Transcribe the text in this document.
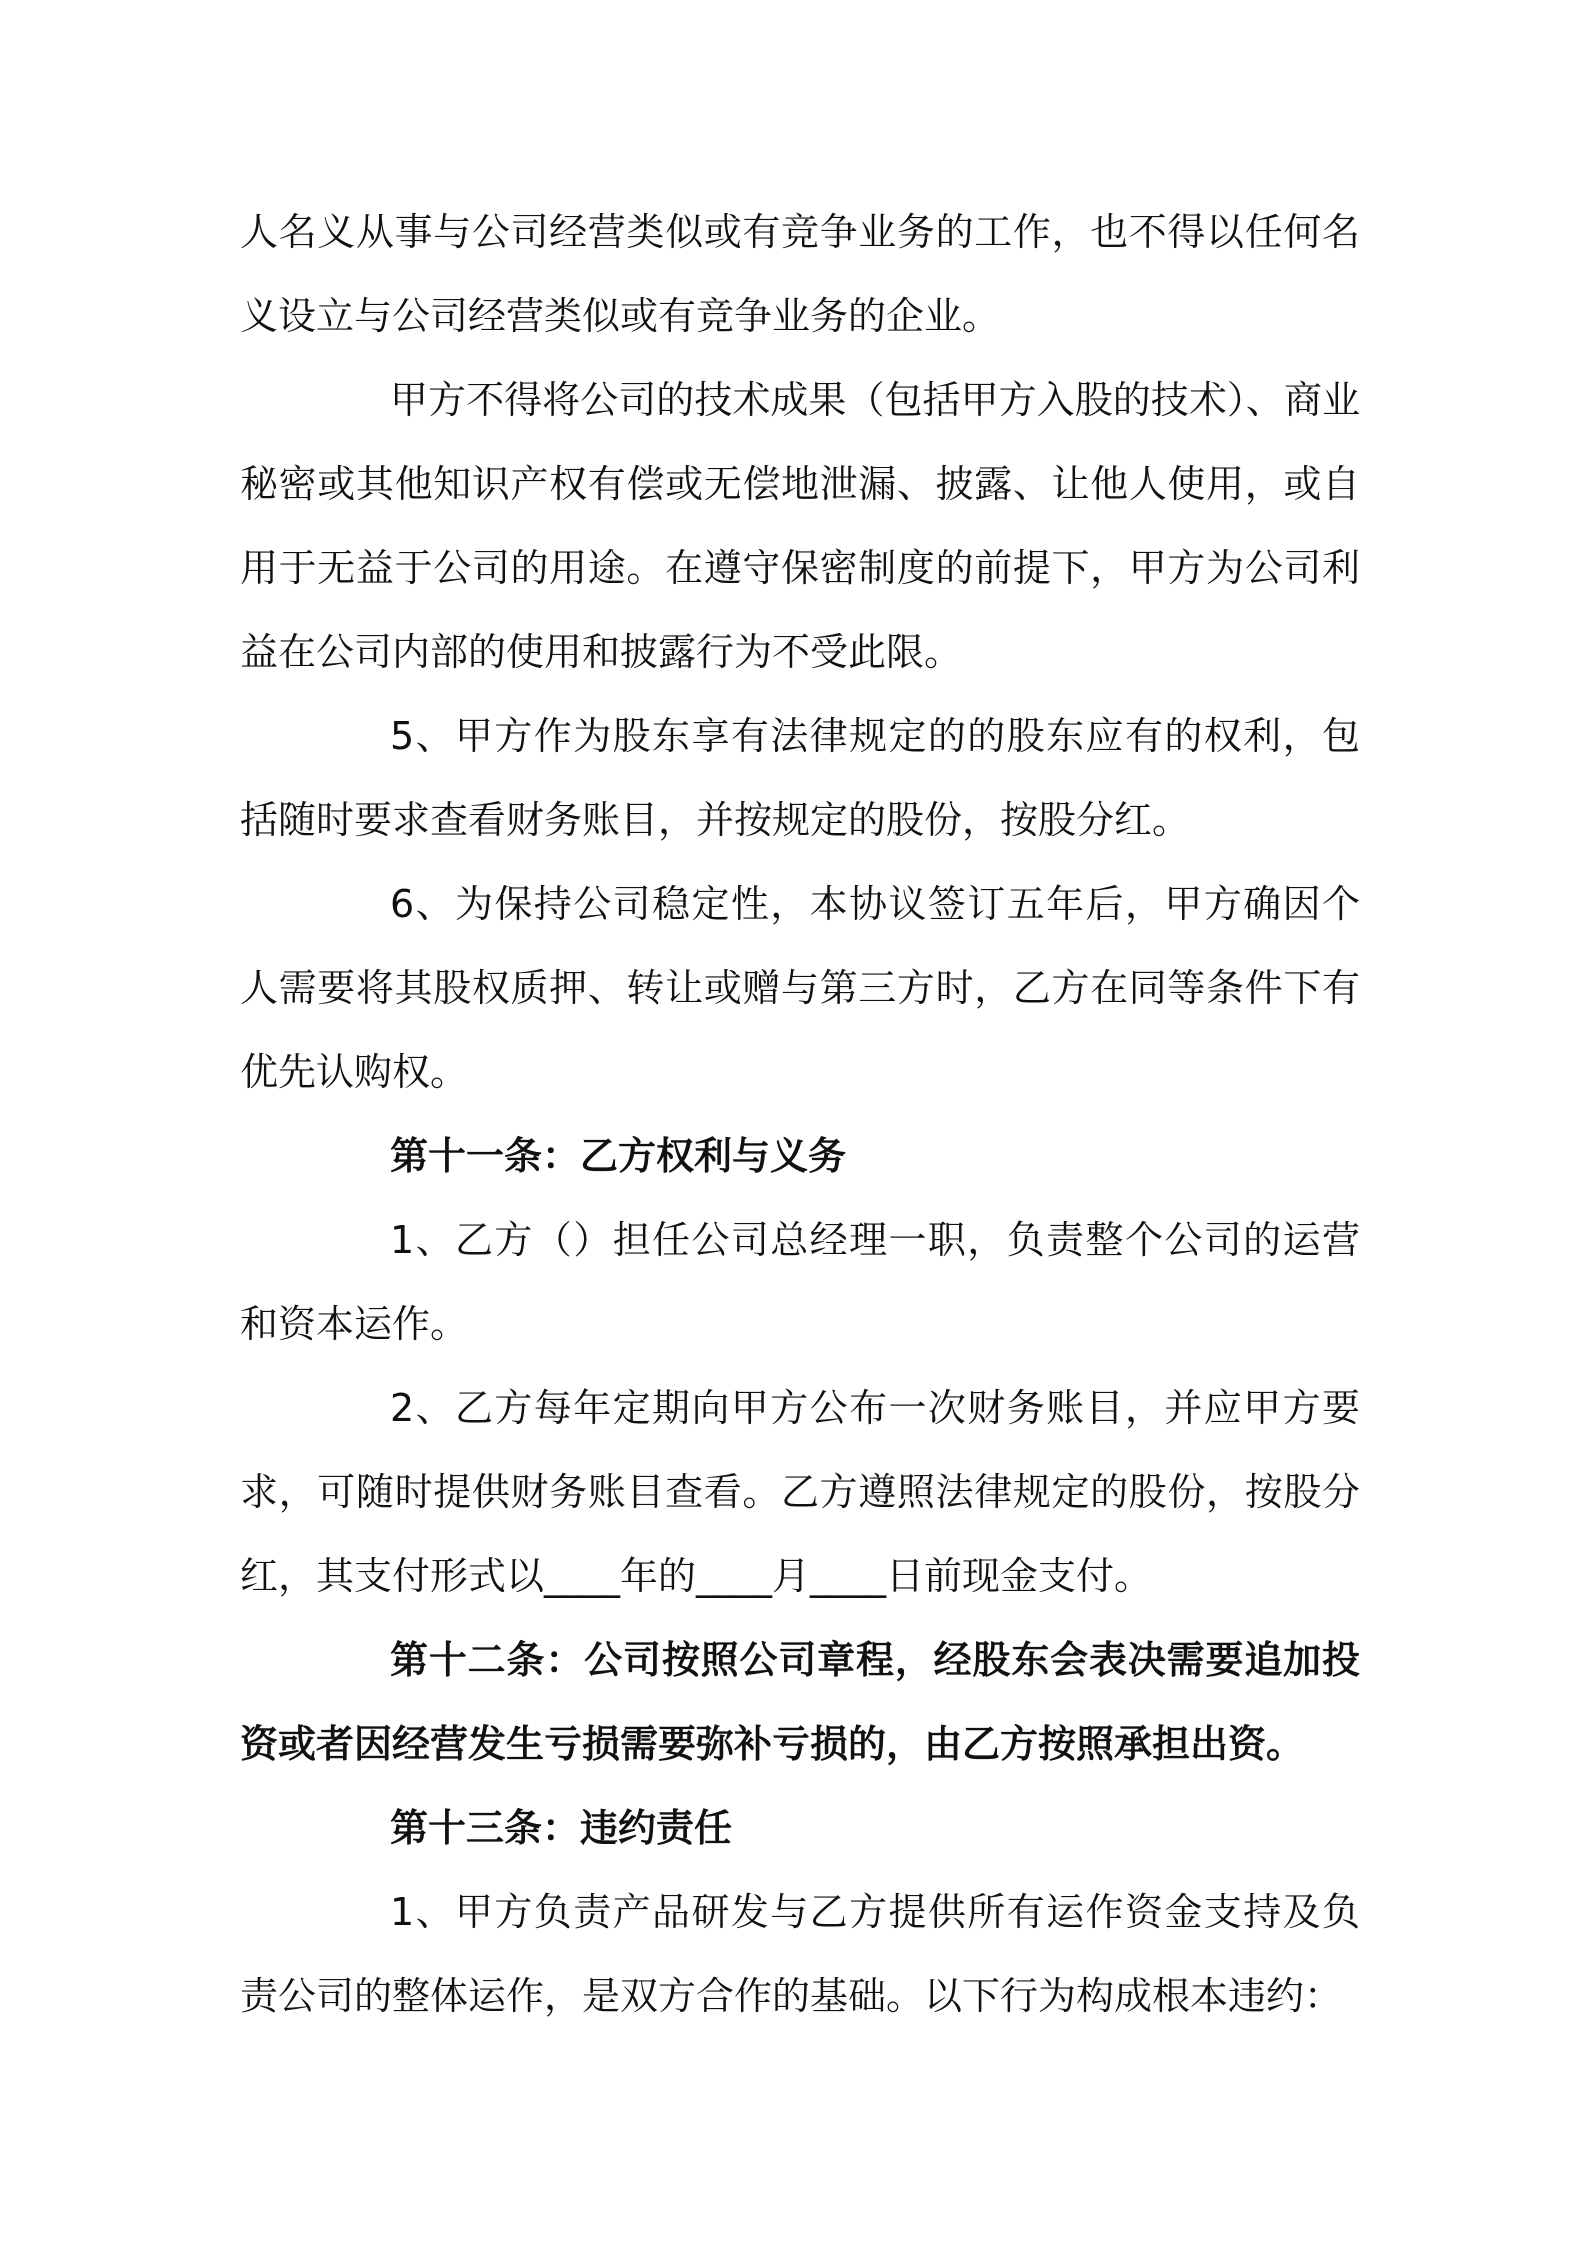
人名义从事与公司经营类似或有竞争业务的工作，也不得以任何名义设立与公司经营类似或有竞争业务的企业。

甲方不得将公司的技术成果（包括甲方入股的技术）、商业秘密或其他知识产权有偿或无偿地泄漏、披露、让他人使用，或自用于无益于公司的用途。在遵守保密制度的前提下，甲方为公司利益在公司内部的使用和披露行为不受此限。

5、甲方作为股东享有法律规定的的股东应有的权利，包括随时要求查看财务账目，并按规定的股份，按股分红。

6、为保持公司稳定性，本协议签订五年后，甲方确因个人需要将其股权质押、转让或赠与第三方时，乙方在同等条件下有优先认购权。

第十一条：乙方权利与义务

1、乙方（）担任公司总经理一职，负责整个公司的运营和资本运作。

2、乙方每年定期向甲方公布一次财务账目，并应甲方要求，可随时提供财务账目查看。乙方遵照法律规定的股份，按股分红，其支付形式以____年的____月____日前现金支付。

第十二条：公司按照公司章程，经股东会表决需要追加投资或者因经营发生亏损需要弥补亏损的，由乙方按照承担出资。

第十三条：违约责任

1、甲方负责产品研发与乙方提供所有运作资金支持及负责公司的整体运作，是双方合作的基础。以下行为构成根本违约：
